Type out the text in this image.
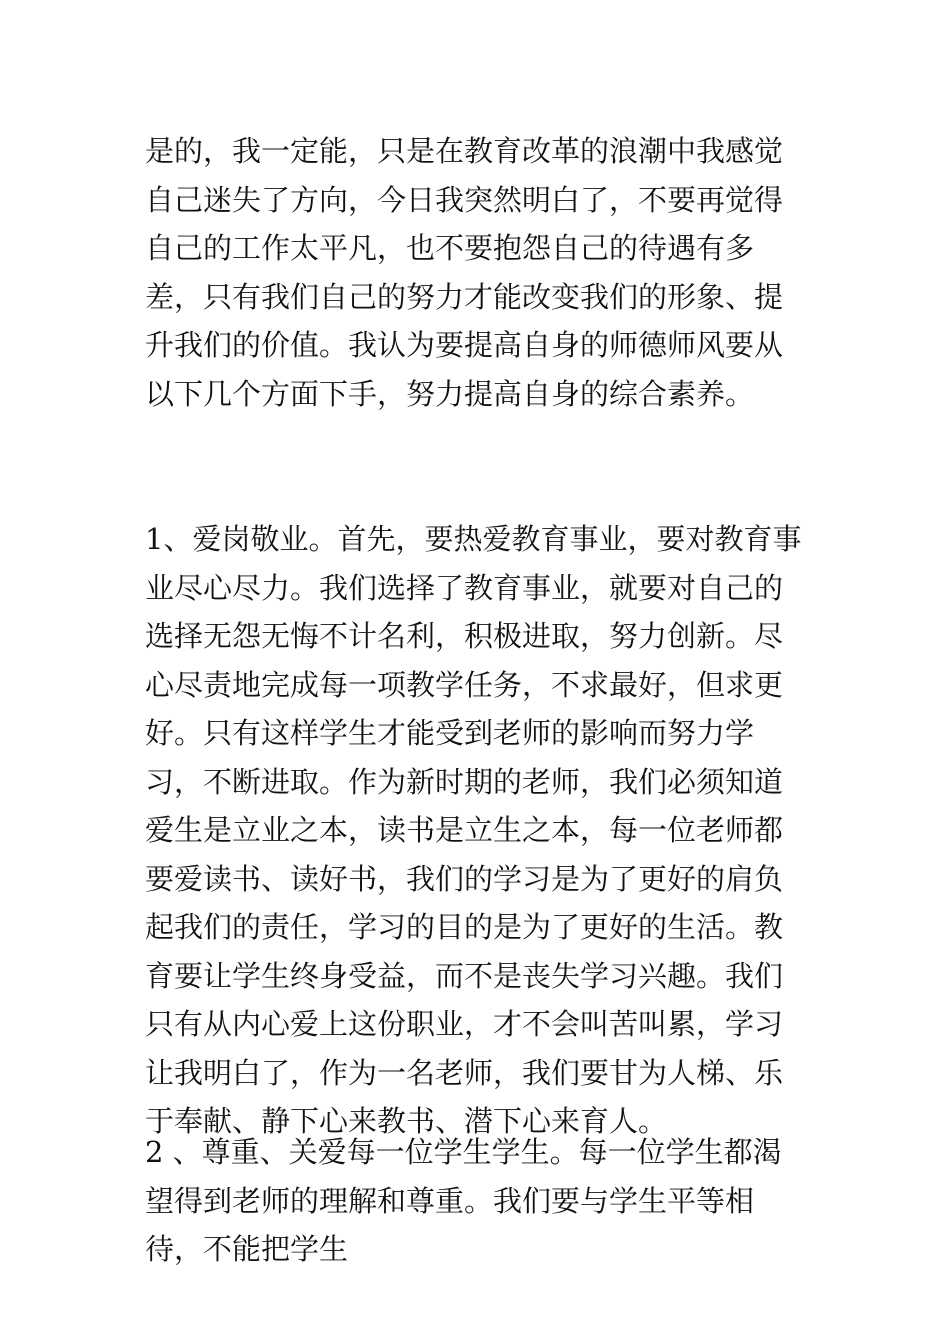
是的，我一定能，只是在教育改革的浪潮中我感觉自己迷失了方向，今日我突然明白了，不要再觉得自己的工作太平凡，也不要抱怨自己的待遇有多差，只有我们自己的努力才能改变我们的形象、提升我们的价值。我认为要提高自身的师德师风要从以下几个方面下手，努力提高自身的综合素养。

1、爱岗敬业。首先，要热爱教育事业，要对教育事业尽心尽力。我们选择了教育事业，就要对自己的选择无怨无悔不计名利，积极进取，努力创新。尽心尽责地完成每一项教学任务，不求最好，但求更好。只有这样学生才能受到老师的影响而努力学习，不断进取。作为新时期的老师，我们必须知道爱生是立业之本，读书是立生之本，每一位老师都要爱读书、读好书，我们的学习是为了更好的肩负起我们的责任，学习的目的是为了更好的生活。教育要让学生终身受益，而不是丧失学习兴趣。我们只有从内心爱上这份职业，才不会叫苦叫累，学习让我明白了，作为一名老师，我们要甘为人梯、乐于奉献、静下心来教书、潜下心来育人。

2 、尊重、关爱每一位学生学生。每一位学生都渴望得到老师的理解和尊重。我们要与学生平等相待，不能把学生
